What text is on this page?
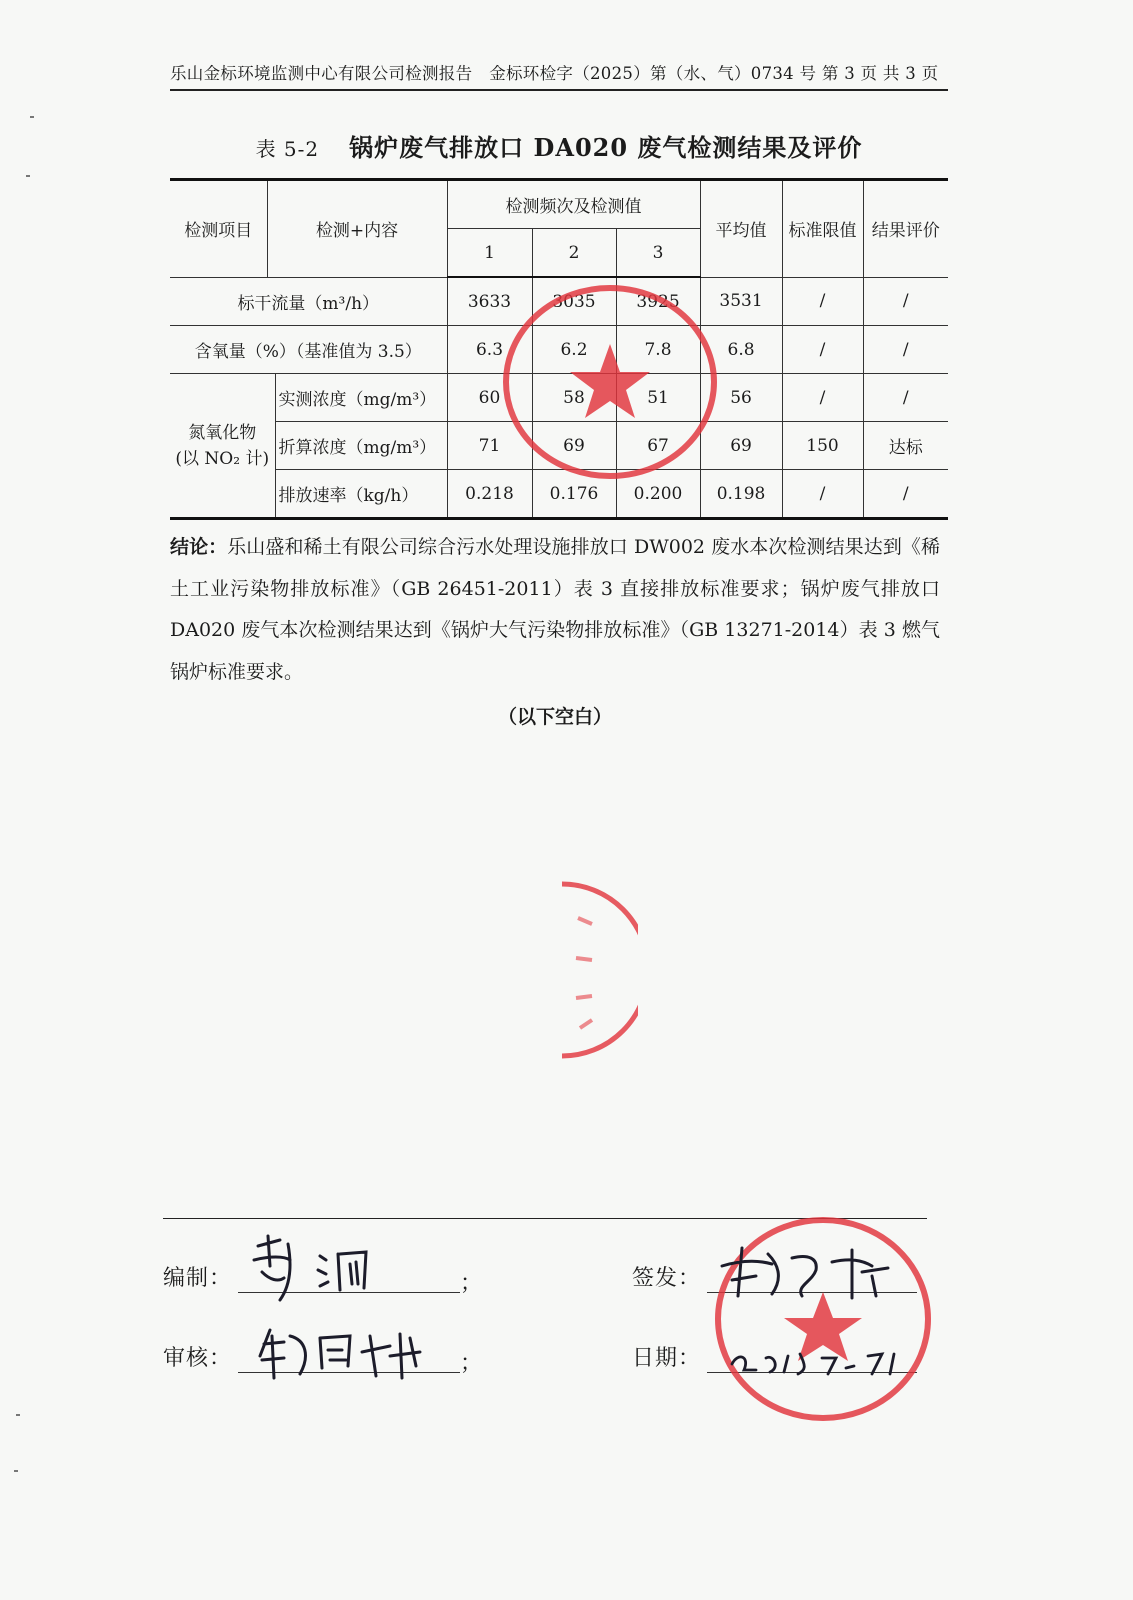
乐山金标环境监测中心有限公司检测报告　金标环检字（2025）第（水、气）0734 号 第 3 页 共 3 页
表 5-2 锅炉废气排放口 DA020 废气检测结果及评价
检测项目	检测+内容		检测频次及检测值			平均值	标准限值	结果评价
			1	2	3			
标干流量（m³/h）			3633	3035	3925	3531	/	/
含氧量（%）（基准值为 3.5）			6.3	6.2	7.8	6.8	/	/
氮氧化物
(以 NO₂ 计)		实测浓度（mg/m³）	60	58	51	56	/	/
		折算浓度（mg/m³）	71	69	67	69	150	达标
		排放速率（kg/h）	0.218	0.176	0.200	0.198	/	/
结论：乐山盛和稀土有限公司综合污水处理设施排放口 DW002 废水本次检测结果达到《稀土工业污染物排放标准》（GB 26451-2011）表 3 直接排放标准要求；锅炉废气排放口 DA020 废气本次检测结果达到《锅炉大气污染物排放标准》（GB 13271-2014）表 3 燃气锅炉标准要求。
（以下空白）
编制：	；
审核：	；
签发：
日期：
